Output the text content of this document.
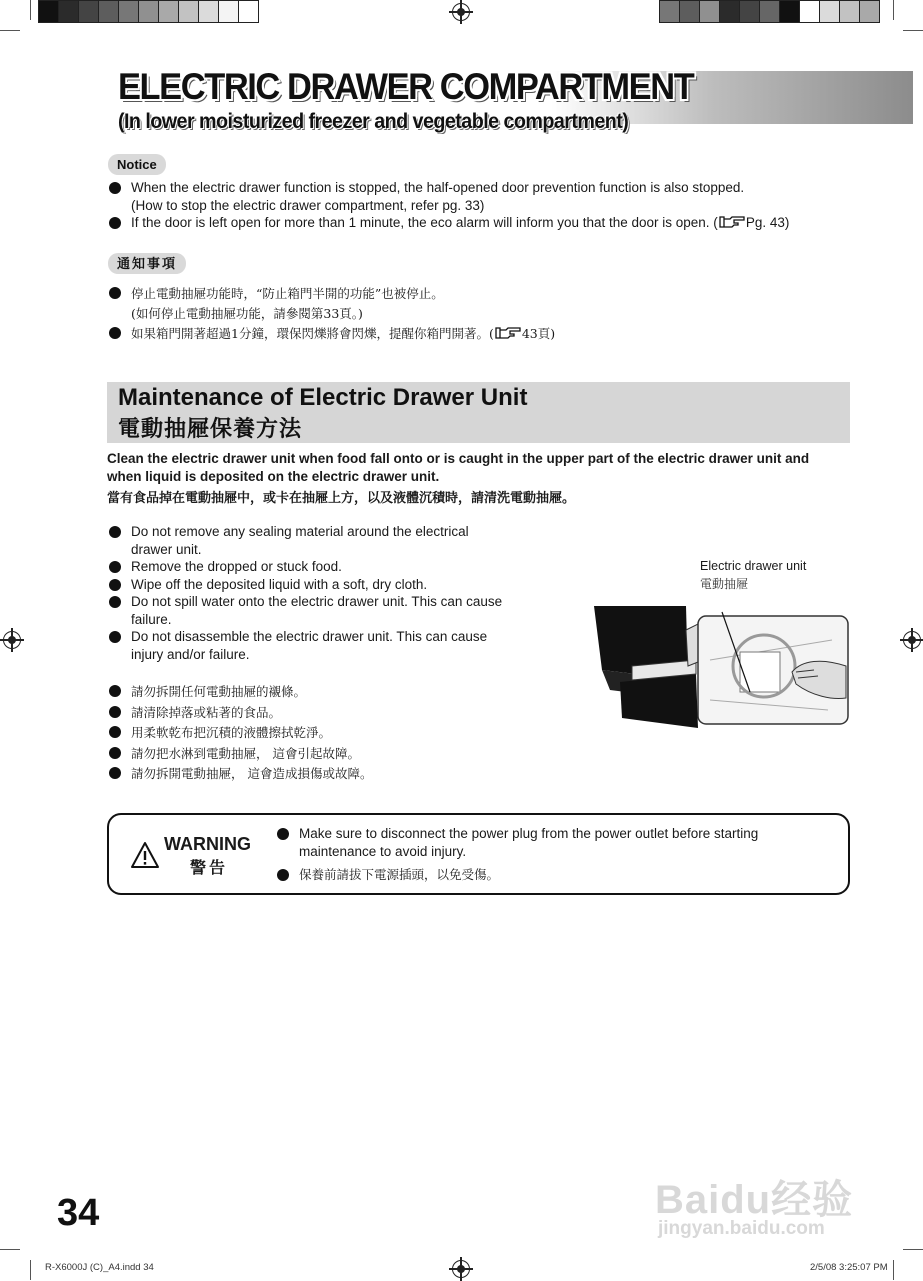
ELECTRIC DRAWER COMPARTMENT
(In lower moisturized freezer and vegetable compartment)
Notice
When the electric drawer function is stopped, the half-opened door prevention function is also stopped.
(How to stop the electric drawer compartment, refer pg. 33)
If the door is left open for more than 1 minute, the eco alarm will inform you that the door is open. ( Pg. 43)
通知事項
停止電動抽屜功能時，“防止箱門半開的功能”也被停止。
(如何停止電動抽屜功能，請參閱第33頁。)
如果箱門開著超過1分鐘，環保閃爍將會閃爍，提醒你箱門開著。( 43頁)
Maintenance of Electric Drawer Unit
電動抽屜保養方法
Clean the electric drawer unit when food fall onto or is caught in the upper part of the electric drawer unit and when liquid is deposited on the electric drawer unit.
當有食品掉在電動抽屜中，或卡在抽屜上方，以及液體沉積時，請清洗電動抽屜。
Do not remove any sealing material around the electrical
drawer unit.
Remove the dropped or stuck food.
Wipe off the deposited liquid with a soft, dry cloth.
Do not spill water onto the electric drawer unit. This can cause
failure.
Do not disassemble the electric drawer unit. This can cause
injury and/or failure.
請勿拆開任何電動抽屜的襯條。
請清除掉落或粘著的食品。
用柔軟乾布把沉積的液體擦拭乾淨。
請勿把水淋到電動抽屜， 這會引起故障。
請勿拆開電動抽屜， 這會造成損傷或故障。
Electric drawer unit
電動抽屜
WARNING
警告
Make sure to disconnect the power plug from the power outlet before starting maintenance to avoid injury.
保養前請拔下電源插頭，以免受傷。
34
R-X6000J (C)_A4.indd 34	2/5/08 3:25:07 PM
Baidu经验
jingyan.baidu.com
